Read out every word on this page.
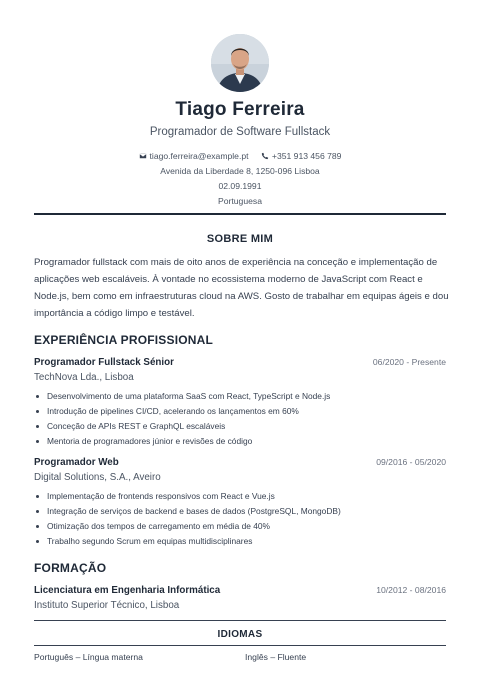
Tiago Ferreira
Programador de Software Fullstack
tiago.ferreira@example.pt
	+351 913 456 789
Avenida da Liberdade 8, 1250-096 Lisboa
02.09.1991
Portuguesa
SOBRE MIM
Programador fullstack com mais de oito anos de experiência na conceção e implementação de aplicações web escaláveis. À vontade no ecossistema moderno de JavaScript com React e Node.js, bem como em infraestruturas cloud na AWS. Gosto de trabalhar em equipas ágeis e dou importância a código limpo e testável.
EXPERIÊNCIA PROFISSIONAL
Programador Fullstack Sénior	06/2020 - Presente
TechNova Lda., Lisboa
Desenvolvimento de uma plataforma SaaS com React, TypeScript e Node.js
Introdução de pipelines CI/CD, acelerando os lançamentos em 60%
Conceção de APIs REST e GraphQL escaláveis
Mentoria de programadores júnior e revisões de código
Programador Web	09/2016 - 05/2020
Digital Solutions, S.A., Aveiro
Implementação de frontends responsivos com React e Vue.js
Integração de serviços de backend e bases de dados (PostgreSQL, MongoDB)
Otimização dos tempos de carregamento em média de 40%
Trabalho segundo Scrum em equipas multidisciplinares
FORMAÇÃO
Licenciatura em Engenharia Informática	10/2012 - 08/2016
Instituto Superior Técnico, Lisboa
IDIOMAS
Português – Língua materna	Inglês – Fluente
